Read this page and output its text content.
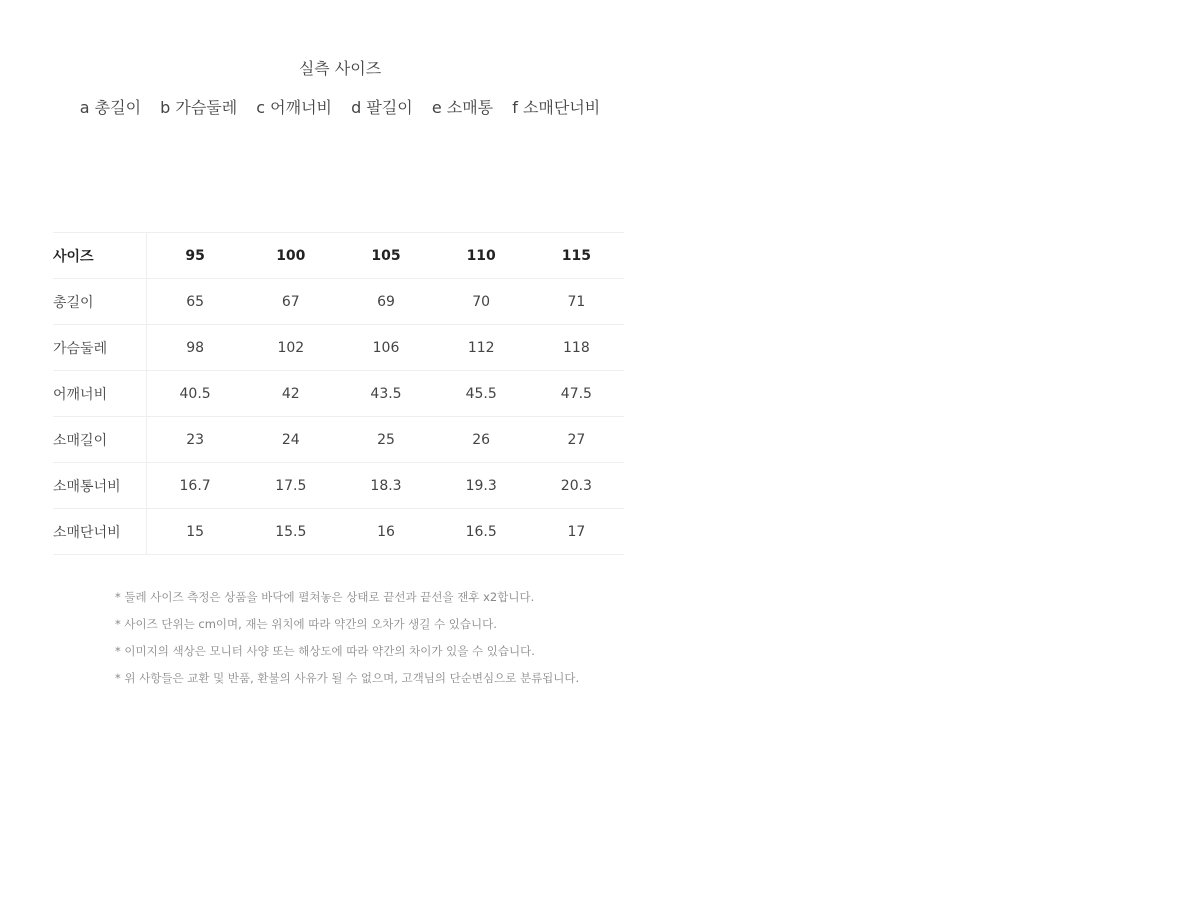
실측 사이즈
a 총길이 b 가슴둘레 c 어깨너비 d 팔길이 e 소매통 f 소매단너비
사이즈	95	100	105	110	115
총길이	65	67	69	70	71
가슴둘레	98	102	106	112	118
어깨너비	40.5	42	43.5	45.5	47.5
소매길이	23	24	25	26	27
소매통너비	16.7	17.5	18.3	19.3	20.3
소매단너비	15	15.5	16	16.5	17
* 둘레 사이즈 측정은 상품을 바닥에 펼쳐놓은 상태로 끝선과 끝선을 잰후 x2합니다.
* 사이즈 단위는 cm이며, 재는 위치에 따라 약간의 오차가 생길 수 있습니다.
* 이미지의 색상은 모니터 사양 또는 해상도에 따라 약간의 차이가 있을 수 있습니다.
* 위 사항들은 교환 및 반품, 환불의 사유가 될 수 없으며, 고객님의 단순변심으로 분류됩니다.
